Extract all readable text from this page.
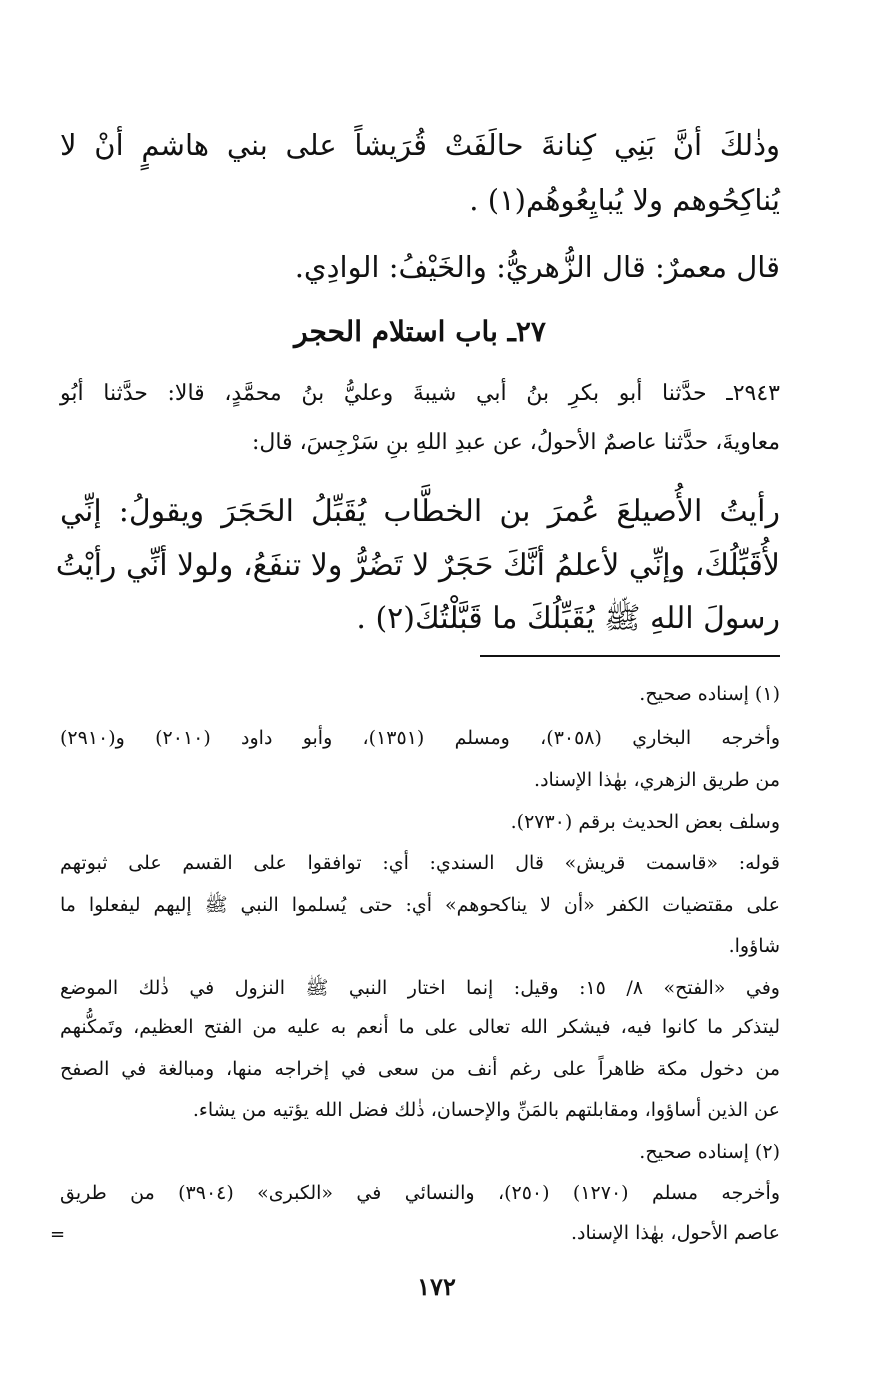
وذٰلكَ أنَّ بَنِي كِنانةَ حالَفَتْ قُرَيشاً على بني هاشمٍ أنْ لا
يُناكِحُوهم ولا يُبايِعُوهُم(١) .
قال معمرٌ: قال الزُّهريُّ: والخَيْفُ: الوادِي.
٢٧ـ باب استلام الحجر
٢٩٤٣ـ حدَّثنا أبو بكرِ بنُ أبي شيبةَ وعليُّ بنُ محمَّدٍ، قالا: حدَّثنا أبُو
معاويةَ، حدَّثنا عاصمٌ الأحولُ، عن عبدِ اللهِ بنِ سَرْجِسَ، قال:
رأيتُ الأُصيلعَ عُمرَ بن الخطَّاب يُقَبِّلُ الحَجَرَ ويقولُ: إنِّي
لأُقَبِّلُكَ، وإنِّي لأعلمُ أنَّكَ حَجَرٌ لا تَضُرُّ ولا تنفَعُ، ولولا أنِّي رأيْتُ
رسولَ اللهِ ﷺ يُقَبِّلُكَ ما قَبَّلْتُكَ(٢) .
(١) إسناده صحيح.
وأخرجه البخاري (٣٠٥٨)، ومسلم (١٣٥١)، وأبو داود (٢٠١٠) و(٢٩١٠)
من طريق الزهري، بهٰذا الإسناد.
وسلف بعض الحديث برقم (٢٧٣٠).
قوله: «قاسمت قريش» قال السندي: أي: توافقوا على القسم على ثبوتهم
على مقتضيات الكفر «أن لا يناكحوهم» أي: حتى يُسلموا النبي ﷺ إليهم ليفعلوا ما
شاؤوا.
وفي «الفتح» ٨/ ١٥: وقيل: إنما اختار النبي ﷺ النزول في ذٰلك الموضع
ليتذكر ما كانوا فيه، فيشكر الله تعالى على ما أنعم به عليه من الفتح العظيم، وتَمكُّنهم
من دخول مكة ظاهراً على رغم أنف من سعى في إخراجه منها، ومبالغة في الصفح
عن الذين أساؤوا، ومقابلتهم بالمَنِّ والإحسان، ذٰلك فضل الله يؤتيه من يشاء.
(٢) إسناده صحيح.
وأخرجه مسلم (١٢٧٠) (٢٥٠)، والنسائي في «الكبرى» (٣٩٠٤) من طريق
عاصم الأحول، بهٰذا الإسناد.
=
١٧٢
